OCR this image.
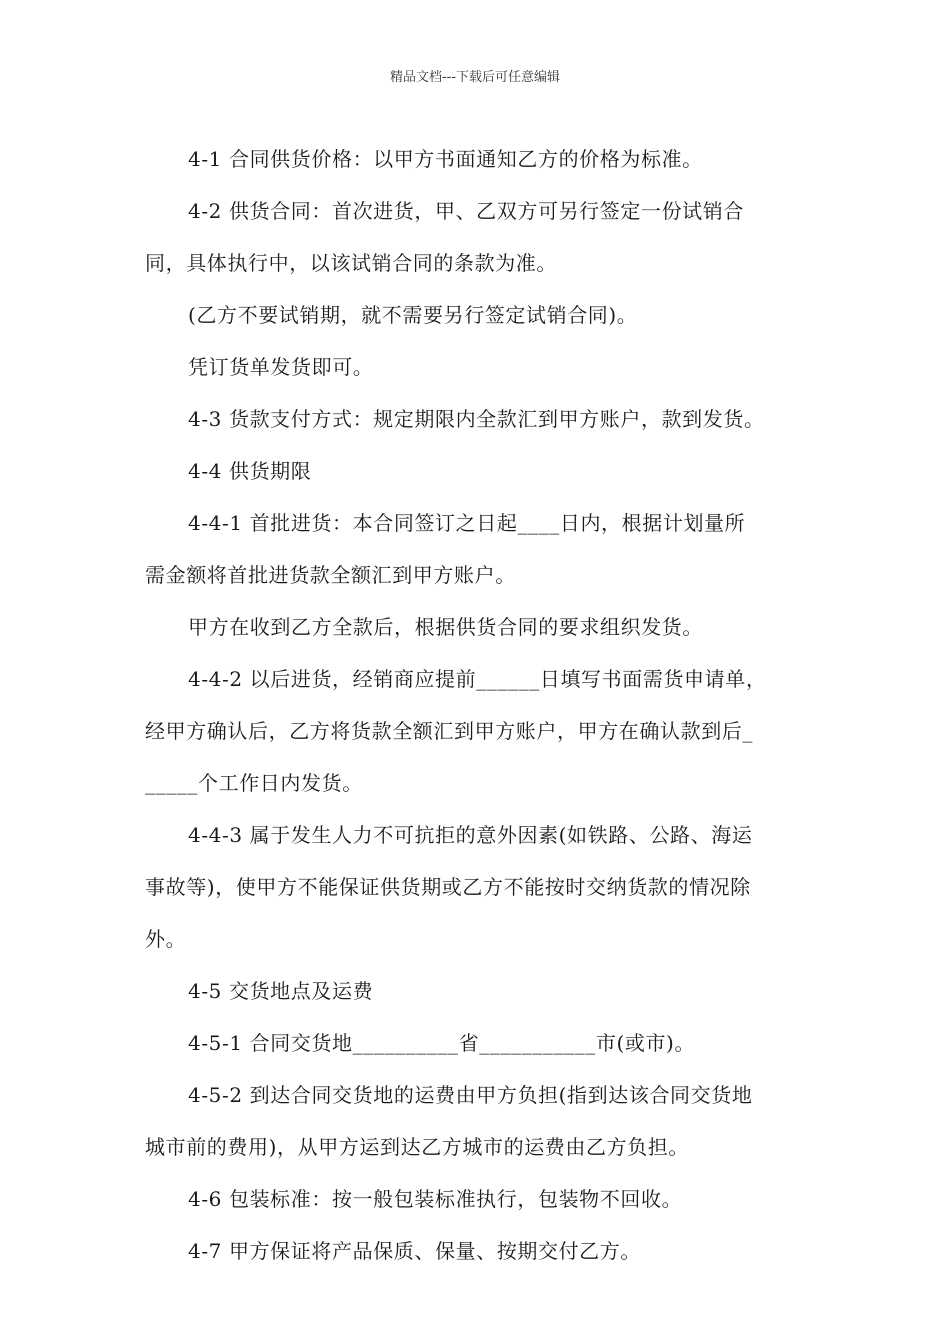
精品文档---下载后可任意编辑
4-1 合同供货价格：以甲方书面通知乙方的价格为标准。
4-2 供货合同：首次进货，甲、乙双方可另行签定一份试销合
同，具体执行中，以该试销合同的条款为准。
(乙方不要试销期，就不需要另行签定试销合同)。
凭订货单发货即可。
4-3 货款支付方式：规定期限内全款汇到甲方账户，款到发货。
4-4 供货期限
4-4-1 首批进货：本合同签订之日起____日内，根据计划量所
需金额将首批进货款全额汇到甲方账户。
甲方在收到乙方全款后，根据供货合同的要求组织发货。
4-4-2 以后进货，经销商应提前______日填写书面需货申请单，
经甲方确认后，乙方将货款全额汇到甲方账户，甲方在确认款到后_
_____个工作日内发货。
4-4-3 属于发生人力不可抗拒的意外因素(如铁路、公路、海运
事故等)，使甲方不能保证供货期或乙方不能按时交纳货款的情况除
外。
4-5 交货地点及运费
4-5-1 合同交货地__________省___________市(或市)。
4-5-2 到达合同交货地的运费由甲方负担(指到达该合同交货地
城市前的费用)，从甲方运到达乙方城市的运费由乙方负担。
4-6 包装标准：按一般包装标准执行，包装物不回收。
4-7 甲方保证将产品保质、保量、按期交付乙方。
